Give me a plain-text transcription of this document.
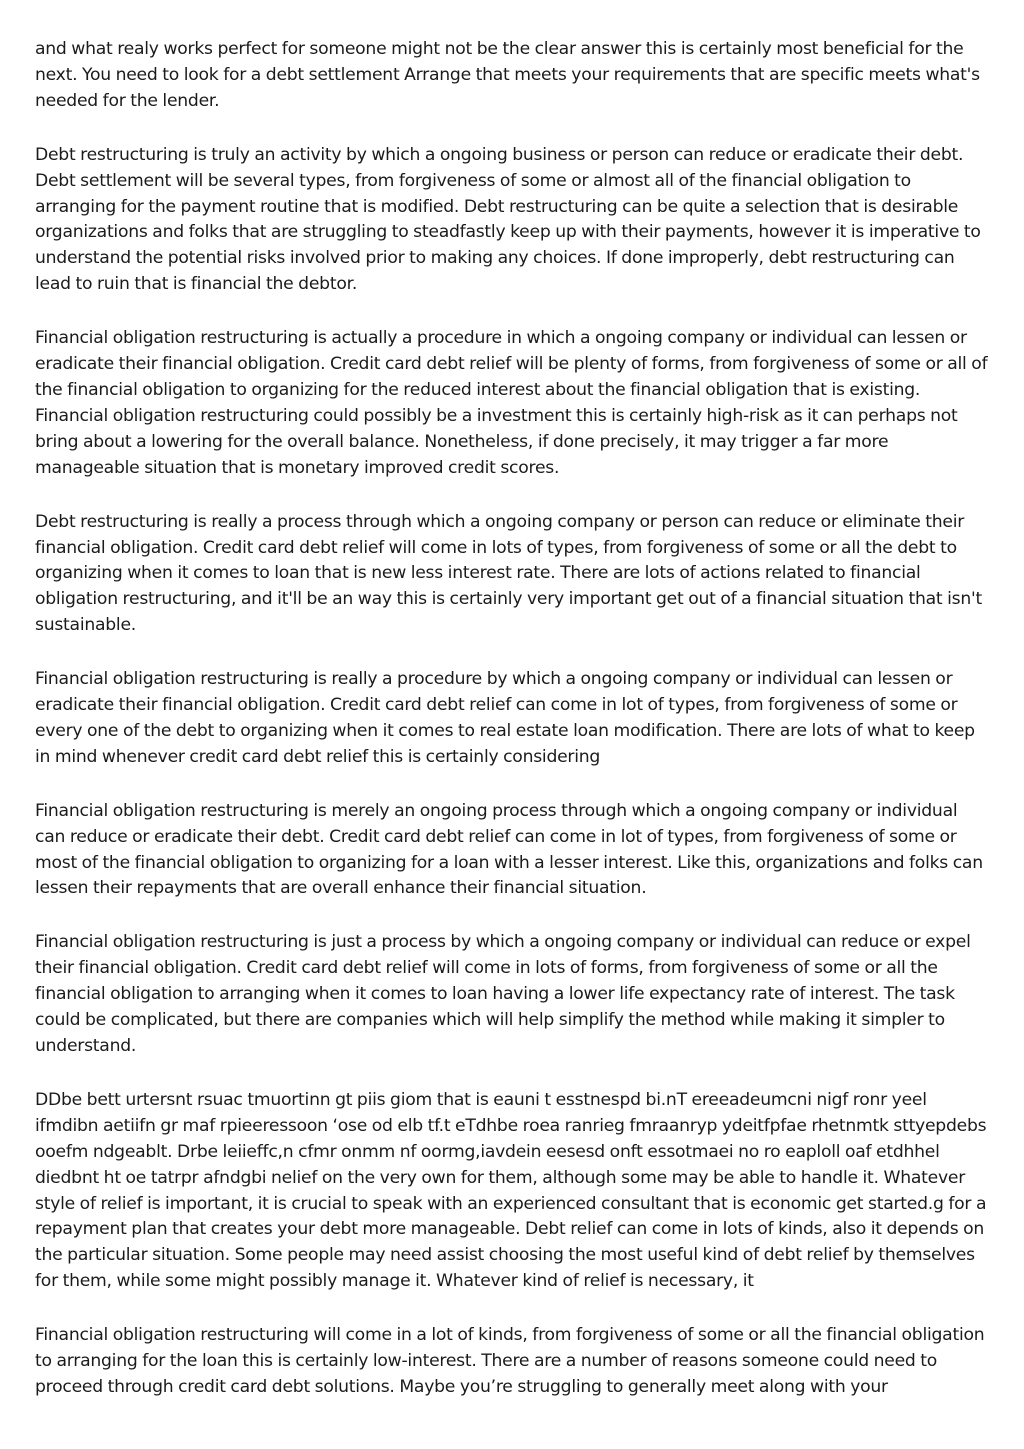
and what realy works perfect for someone might not be the clear answer this is certainly most beneficial for the next. You need to look for a debt settlement Arrange that meets your requirements that are specific meets what's needed for the lender.

Debt restructuring is truly an activity by which a ongoing business or person can reduce or eradicate their debt. Debt settlement will be several types, from forgiveness of some or almost all of the financial obligation to arranging for the payment routine that is modified. Debt restructuring can be quite a selection that is desirable organizations and folks that are struggling to steadfastly keep up with their payments, however it is imperative to understand the potential risks involved prior to making any choices. If done improperly, debt restructuring can lead to ruin that is financial the debtor.

Financial obligation restructuring is actually a procedure in which a ongoing company or individual can lessen or eradicate their financial obligation. Credit card debt relief will be plenty of forms, from forgiveness of some or all of the financial obligation to organizing for the reduced interest about the financial obligation that is existing. Financial obligation restructuring could possibly be a investment this is certainly high-risk as it can perhaps not bring about a lowering for the overall balance. Nonetheless, if done precisely, it may trigger a far more manageable situation that is monetary improved credit scores.

Debt restructuring is really a process through which a ongoing company or person can reduce or eliminate their financial obligation. Credit card debt relief will come in lots of types, from forgiveness of some or all the debt to organizing when it comes to loan that is new less interest rate. There are lots of actions related to financial obligation restructuring, and it'll be an way this is certainly very important get out of a financial situation that isn't sustainable.

Financial obligation restructuring is really a procedure by which a ongoing company or individual can lessen or eradicate their financial obligation. Credit card debt relief can come in lot of types, from forgiveness of some or every one of the debt to organizing when it comes to real estate loan modification. There are lots of what to keep in mind whenever credit card debt relief this is certainly considering

Financial obligation restructuring is merely an ongoing process through which a ongoing company or individual can reduce or eradicate their debt. Credit card debt relief can come in lot of types, from forgiveness of some or most of the financial obligation to organizing for a loan with a lesser interest. Like this, organizations and folks can lessen their repayments that are overall enhance their financial situation.

Financial obligation restructuring is just a process by which a ongoing company or individual can reduce or expel their financial obligation. Credit card debt relief will come in lots of forms, from forgiveness of some or all the financial obligation to arranging when it comes to loan having a lower life expectancy rate of interest. The task could be complicated, but there are companies which will help simplify the method while making it simpler to understand.

DDbe bett urtersnt rsuac tmuortinn gt piis giom that is eauni t esstnespd bi.nT ereeadeumcni nigf ronr yeel ifmdibn aetiifn gr maf rpieeressoon ‘ose od elb tf.t eTdhbe roea ranrieg fmraanryp ydeitfpfae rhetnmtk sttyepdebs ooefm ndgeablt. Drbe leiieffc,n cfmr onmm nf oormg,iavdein eesesd onft essotmaei no ro eaploll oaf etdhhel diedbnt ht oe tatrpr afndgbi nelief on the very own for them, although some may be able to handle it. Whatever style of relief is important, it is crucial to speak with an experienced consultant that is economic get started.g for a repayment plan that creates your debt more manageable. Debt relief can come in lots of kinds, also it depends on the particular situation. Some people may need assist choosing the most useful kind of debt relief by themselves for them, while some might possibly manage it. Whatever kind of relief is necessary, it

Financial obligation restructuring will come in a lot of kinds, from forgiveness of some or all the financial obligation to arranging for the loan this is certainly low-interest. There are a number of reasons someone could need to proceed through credit card debt solutions. Maybe you’re struggling to generally meet along with your
